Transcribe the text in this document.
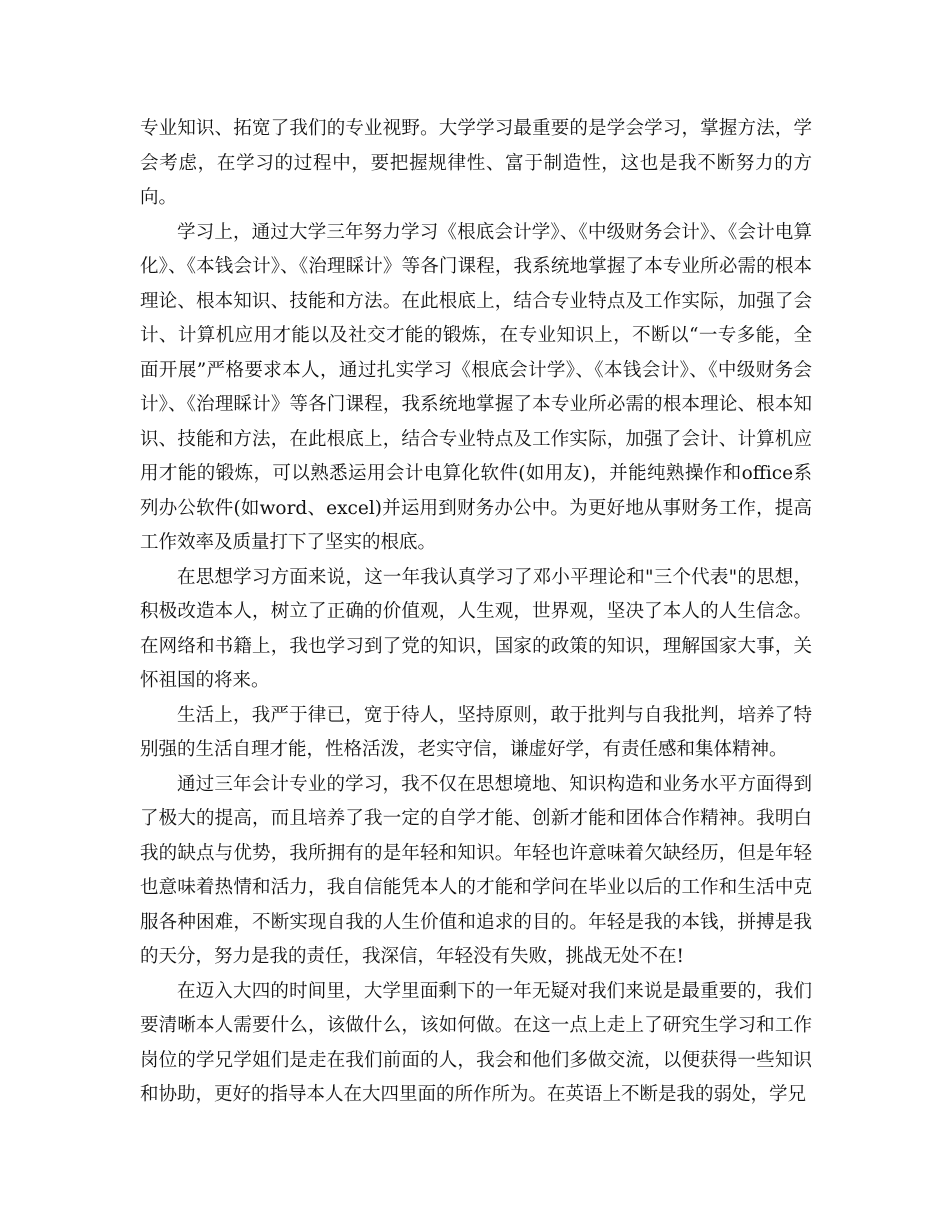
专业知识、拓宽了我们的专业视野。大学学习最重要的是学会学习，掌握方法，学会考虑，在学习的过程中，要把握规律性、富于制造性，这也是我不断努力的方向。

学习上，通过大学三年努力学习《根底会计学》、《中级财务会计》、《会计电算化》、《本钱会计》、《治理睬计》等各门课程，我系统地掌握了本专业所必需的根本理论、根本知识、技能和方法。在此根底上，结合专业特点及工作实际，加强了会计、计算机应用才能以及社交才能的锻炼，在专业知识上，不断以“一专多能，全面开展”严格要求本人，通过扎实学习《根底会计学》、《本钱会计》、《中级财务会计》、《治理睬计》等各门课程，我系统地掌握了本专业所必需的根本理论、根本知识、技能和方法，在此根底上，结合专业特点及工作实际，加强了会计、计算机应用才能的锻炼，可以熟悉运用会计电算化软件(如用友)，并能纯熟操作和office系列办公软件(如word、excel)并运用到财务办公中。为更好地从事财务工作，提高工作效率及质量打下了坚实的根底。

在思想学习方面来说，这一年我认真学习了邓小平理论和"三个代表"的思想，积极改造本人，树立了正确的价值观，人生观，世界观，坚决了本人的人生信念。在网络和书籍上，我也学习到了党的知识，国家的政策的知识，理解国家大事，关怀祖国的将来。

生活上，我严于律已，宽于待人，坚持原则，敢于批判与自我批判，培养了特别强的生活自理才能，性格活泼，老实守信，谦虚好学，有责任感和集体精神。

通过三年会计专业的学习，我不仅在思想境地、知识构造和业务水平方面得到了极大的提高，而且培养了我一定的自学才能、创新才能和团体合作精神。我明白我的缺点与优势，我所拥有的是年轻和知识。年轻也许意味着欠缺经历，但是年轻也意味着热情和活力，我自信能凭本人的才能和学问在毕业以后的工作和生活中克服各种困难，不断实现自我的人生价值和追求的目的。年轻是我的本钱，拼搏是我的天分，努力是我的责任，我深信，年轻没有失败，挑战无处不在!

在迈入大四的时间里，大学里面剩下的一年无疑对我们来说是最重要的，我们要清晰本人需要什么，该做什么，该如何做。在这一点上走上了研究生学习和工作岗位的学兄学姐们是走在我们前面的人，我会和他们多做交流，以便获得一些知识和协助，更好的指导本人在大四里面的所作所为。在英语上不断是我的弱处，学兄
